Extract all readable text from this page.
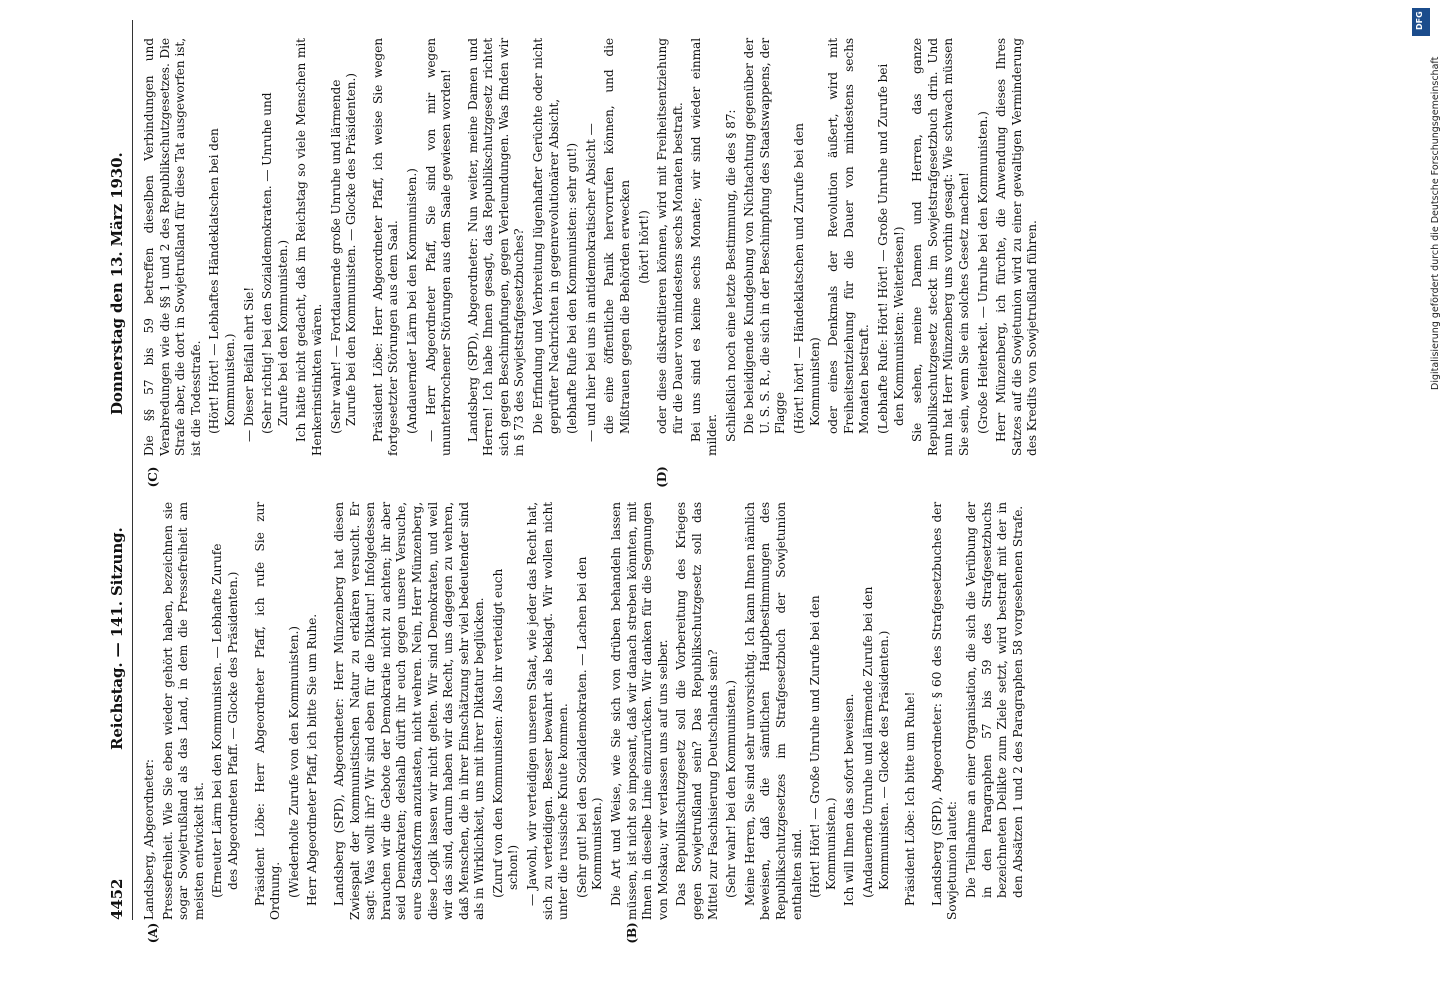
4452
Reichstag. — 141. Sitzung.
Donnerstag den 13. März 1930.
(A)	(B)
(C)	(D)

Landsberg, Abgeordneter: Pressefreiheit. Wie Sie eben wieder gehört haben, bezeichnen sie sogar Sowjetrußland als das Land, in dem die Pressefreiheit am meisten entwickelt ist. (Erneuter Lärm bei den Kommunisten. — Lebhafte Zurufe des Abgeordneten Pfaff. — Glocke des Präsidenten.) Präsident Löbe: Herr Abgeordneter Pfaff, ich rufe Sie zur Ordnung. (Wiederholte Zurufe von den Kommunisten.) Herr Abgeordneter Pfaff, ich bitte Sie um Ruhe. Landsberg (SPD), Abgeordneter: Herr Münzenberg hat diesen Zwiespalt der kommunistischen Natur zu erklären versucht. Er sagt: Was wollt ihr? Wir sind eben für die Diktatur! Infolgedessen brauchen wir die Gebote der Demokratie nicht zu achten; ihr aber seid Demokraten; deshalb dürft ihr euch gegen unsere Versuche, eure Staatsform anzutasten, nicht wehren. Nein, Herr Münzenberg, diese Logik lassen wir nicht gelten. Wir sind Demokraten, und weil wir das sind, darum haben wir das Recht, uns dagegen zu wehren, daß Menschen, die in ihrer Einschätzung sehr viel bedeutender sind als in Wirklichkeit, uns mit ihrer Diktatur beglücken. (Zuruf von den Kommunisten: Also ihr verteidigt euch schon!) — Jawohl, wir verteidigen unseren Staat, wie jeder das Recht hat, sich zu verteidigen. Besser bewahrt als beklagt. Wir wollen nicht unter die russische Knute kommen. (Sehr gut! bei den Sozialdemokraten. — Lachen bei den Kommunisten.) Die Art und Weise, wie Sie sich von drüben behandeln lassen müssen, ist nicht so imposant, daß wir danach streben könnten, mit Ihnen in dieselbe Linie einzurücken. Wir danken für die Segnungen von Moskau; wir verlassen uns auf uns selber. Das Republikschutzgesetz soll die Vorbereitung des Krieges gegen Sowjetrußland sein? Das Republikschutzgesetz soll das Mittel zur Faschisierung Deutschlands sein? (Sehr wahr! bei den Kommunisten.) Meine Herren, Sie sind sehr unvorsichtig. Ich kann Ihnen nämlich beweisen, daß die sämtlichen Hauptbestimmungen des Republikschutzgesetzes im Strafgesetzbuch der Sowjetunion enthalten sind. (Hört! Hört! — Große Unruhe und Zurufe bei den Kommunisten.) Ich will Ihnen das sofort beweisen. (Andauernde Unruhe und lärmende Zurufe bei den Kommunisten. — Glocke des Präsidenten.) Präsident Löbe: Ich bitte um Ruhe! Landsberg (SPD), Abgeordneter: § 60 des Strafgesetzbuches der Sowjetunion lautet: Die Teilnahme an einer Organisation, die sich die Verübung der in den Paragraphen 57 bis 59 des Strafgesetzbuchs bezeichneten Delikte zum Ziele setzt, wird bestraft mit der in den Absätzen 1 und 2 des Paragraphen 58 vorgesehenen Strafe.

Die §§ 57 bis 59 betreffen dieselben Verbindungen und Verabredungen wie die §§ 1 und 2 des Republikschutzgesetzes. Die Strafe aber, die dort in Sowjetrußland für diese Tat ausgeworfen ist, ist die Todesstrafe. (Hört! Hört! — Lebhaftes Händeklatschen bei den Kommunisten.) — Dieser Beifall ehrt Sie! (Sehr richtig! bei den Sozialdemokraten. — Unruhe und Zurufe bei den Kommunisten.) Ich hätte nicht gedacht, daß im Reichstag so viele Menschen mit Henkerinstinkten wären. (Sehr wahr! — Fortdauernde große Unruhe und lärmende Zurufe bei den Kommunisten. — Glocke des Präsidenten.) Präsident Löbe: Herr Abgeordneter Pfaff, ich weise Sie wegen fortgesetzter Störungen aus dem Saal. (Andauernder Lärm bei den Kommunisten.) — Herr Abgeordneter Pfaff, Sie sind von mir wegen ununterbrochener Störungen aus dem Saale gewiesen worden! Landsberg (SPD), Abgeordneter: Nun weiter, meine Damen und Herren! Ich habe Ihnen gesagt, das Republikschutzgesetz richtet sich gegen Beschimpfungen, gegen Verleumdungen. Was finden wir in § 73 des Sowjetstrafgesetzbuches? Die Erfindung und Verbreitung lügenhafter Gerüchte oder nicht geprüfter Nachrichten in gegenrevolutionärer Absicht, (lebhafte Rufe bei den Kommunisten: sehr gut!) — und hier bei uns in antidemokratischer Absicht — die eine öffentliche Panik hervorrufen können, und die Mißtrauen gegen die Behörden erwecken (hört! hört!) oder diese diskreditieren können, wird mit Freiheitsentziehung für die Dauer von mindestens sechs Monaten bestraft. Bei uns sind es keine sechs Monate; wir sind wieder einmal milder. Schließlich noch eine letzte Bestimmung, die des § 87: Die beleidigende Kundgebung von Nichtachtung gegenüber der U. S. S. R., die sich in der Beschimpfung des Staatswappens, der Flagge (Hört! hört! — Händeklatschen und Zurufe bei den Kommunisten) oder eines Denkmals der Revolution äußert, wird mit Freiheitsentziehung für die Dauer von mindestens sechs Monaten bestraft. (Lebhafte Rufe: Hört! Hört! — Große Unruhe und Zurufe bei den Kommunisten: Weiterlesen!) Sie sehen, meine Damen und Herren, das ganze Republikschutzgesetz steckt im Sowjetstrafgesetzbuch drin. Und nun hat Herr Münzenberg uns vorhin gesagt: Wie schwach müssen Sie sein, wenn Sie ein solches Gesetz machen! (Große Heiterkeit. — Unruhe bei den Kommunisten.) Herr Münzenberg, ich fürchte, die Anwendung dieses Ihres Satzes auf die Sowjetunion wird zu einer gewaltigen Verminderung des Kredits von Sowjetrußland führen.	Digitalisierung gefördert durch die Deutsche Forschungsgemeinschaft
DFG
